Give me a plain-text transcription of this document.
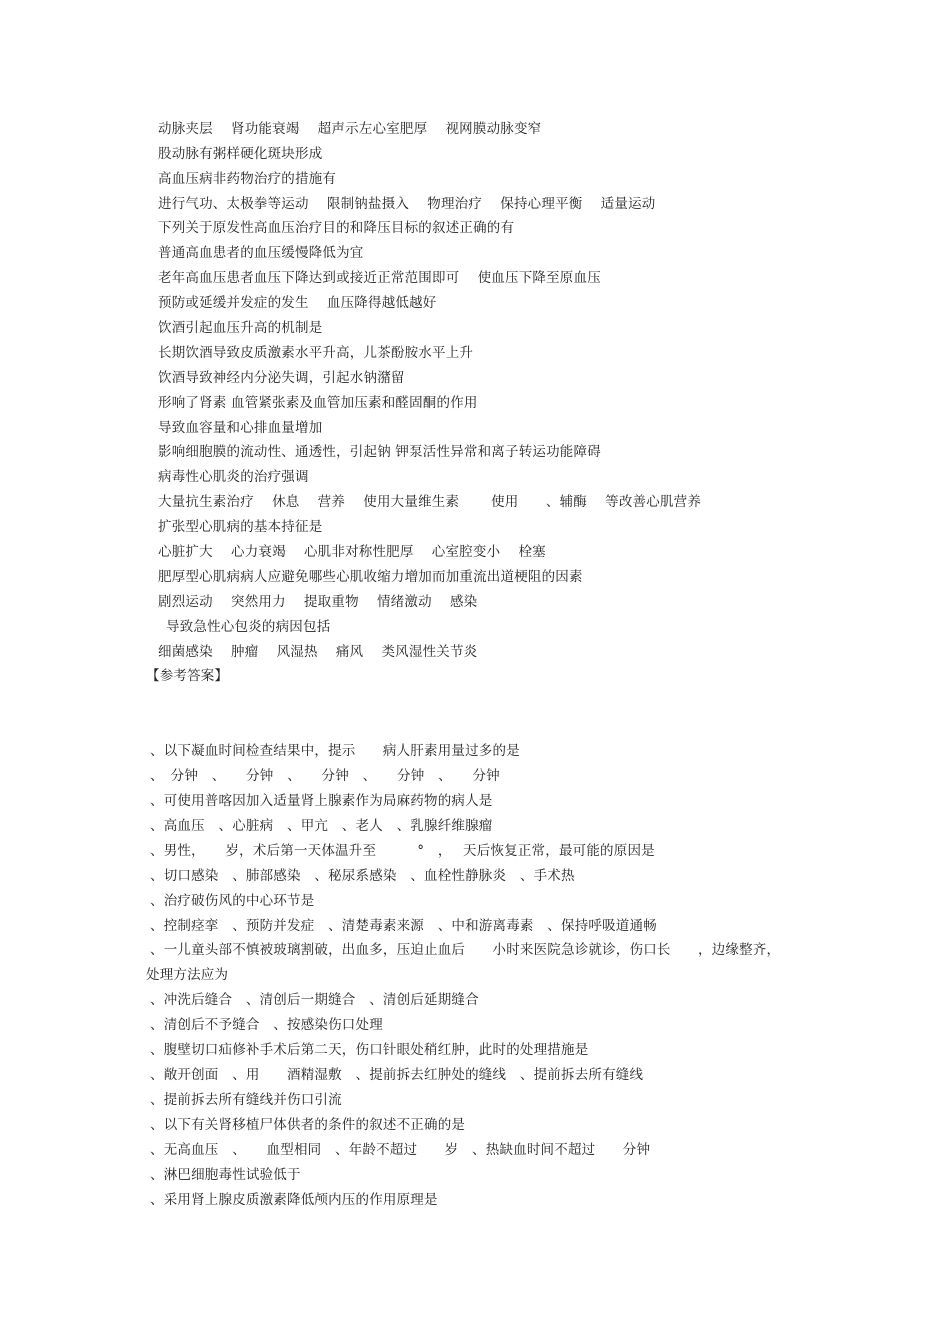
动脉夹层　 肾功能衰竭　 超声示左心室肥厚　 视网膜动脉变窄
股动脉有粥样硬化斑块形成
高血压病非药物治疗的措施有
进行气功、太极拳等运动　 限制钠盐摄入　 物理治疗　 保持心理平衡　 适量运动
下列关于原发性高血压治疗目的和降压目标的叙述正确的有
普通高血患者的血压缓慢降低为宜
老年高血压患者血压下降达到或接近正常范围即可　 使血压下降至原血压
预防或延缓并发症的发生　 血压降得越低越好
饮酒引起血压升高的机制是
长期饮酒导致皮质激素水平升高，儿茶酚胺水平上升
饮酒导致神经内分泌失调，引起水钠潴留
形响了肾素 血管紧张素及血管加压素和醛固酮的作用
导致血容量和心排血量增加
影响细胞膜的流动性、通透性，引起钠 钾泵活性异常和离子转运功能障碍
病毒性心肌炎的治疗强调
大量抗生素治疗　 休息　 营养　 使用大量维生素　　 使用　　、辅酶　 等改善心肌营养
扩张型心肌病的基本持征是
心脏扩大　 心力衰竭　 心肌非对称性肥厚　 心室腔变小　 栓塞
肥厚型心肌病病人应避免哪些心肌收缩力增加而加重流出道梗阻的因素
剧烈运动　 突然用力　 提取重物　 情绪激动　 感染
导致急性心包炎的病因包括
细菌感染　 肿瘤　 风湿热　 痛风　 类风湿性关节炎
【参考答案】
、以下凝血时间检查结果中，提示　　病人肝素用量过多的是
、　分钟　、　　分钟　、　　分钟　、　　分钟　、　　分钟
、可使用普喀因加入适量肾上腺素作为局麻药物的病人是
、高血压　、心脏病　、甲亢　、老人　、乳腺纤维腺瘤
、男性，　　岁，术后第一天体温升至　　　°　，　 天后恢复正常，最可能的原因是
、切口感染　、肺部感染　、秘尿系感染　、血栓性静脉炎　、手术热
、治疗破伤风的中心环节是
、控制痉挛　、预防并发症　、清楚毒素来源　、中和游离毒素　、保持呼吸道通畅
、一儿童头部不慎被玻璃割破，出血多，压迫止血后　　小时来医院急诊就诊，伤口长　　，边缘整齐，
处理方法应为
、冲洗后缝合　、清创后一期缝合　、清创后延期缝合
、清创后不予缝合　、按感染伤口处理
、腹壁切口疝修补手术后第二天，伤口针眼处稍红肿，此时的处理措施是
、敞开创面　、用　　酒精湿敷　、提前拆去红肿处的缝线　、提前拆去所有缝线
、提前拆去所有缝线并伤口引流
、以下有关肾移植尸体供者的条件的叙述不正确的是
、无高血压　、　　血型相同　、年龄不超过　　岁　、热缺血时间不超过　　分钟
、淋巴细胞毒性试验低于
、采用肾上腺皮质激素降低颅内压的作用原理是
